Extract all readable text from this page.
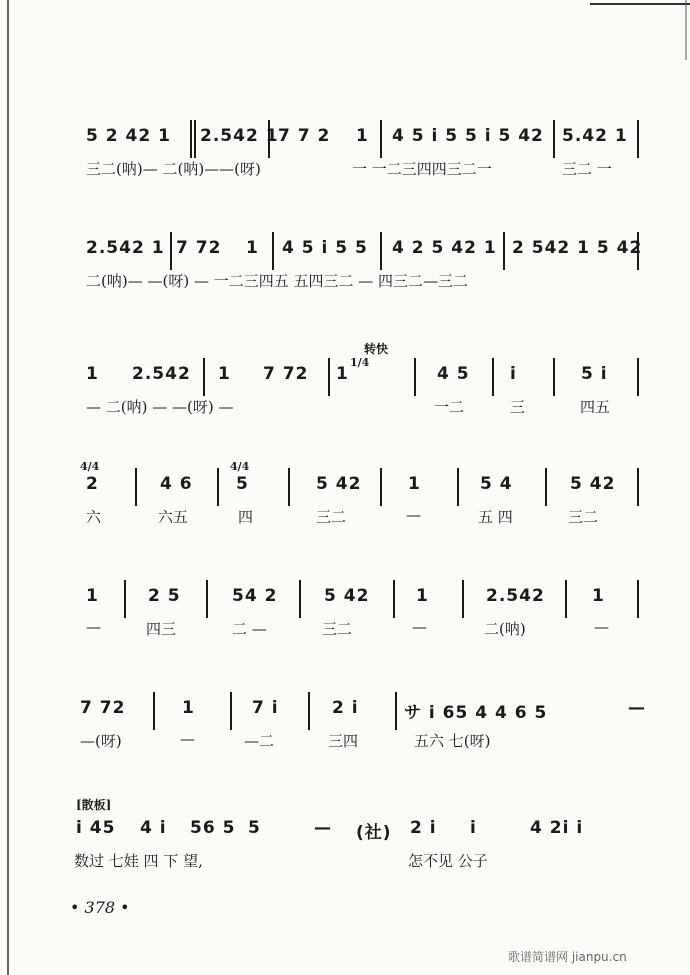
5 2 42 1 2.542 1 7 7 2 1 4 5 i 5 5 i 5 42 5.42 1
三二(呐)— 二(呐)——(呀)	一 一二三四四三二一	三二 一
2.542 1 7 72 1 4 5 i 5 5 4 2 5 42 1 2 542 1 5 42
二(呐)— —(呀) — 一二三四五 五四三二 — 四三二—三二
1 2.542 1 7 72 1	4 5 i	5 i
— 二(呐) — —(呀) —	一二	三	四五
2	4 6	5	5 42	1	5 4	5 42
六	六五	四	三二	—	五 四	三二
1	2 5	54 2	5 42	1	2.542	1
—	四三	二 —	三二	—	二(呐)	—
7 72	1	7 i	2 i	サ i 65 4 4 6 5	—
—(呀)	—	—二	三四	五六 七(呀)
i 45 4 i 56 5 5	— (社) 2 i i	4 2i i
数过 七娃 四 下 望,	怎不见 公子
转快
1/4
4/4	4/4
[散板]
• 378 •
歌谱简谱网 jianpu.cn
